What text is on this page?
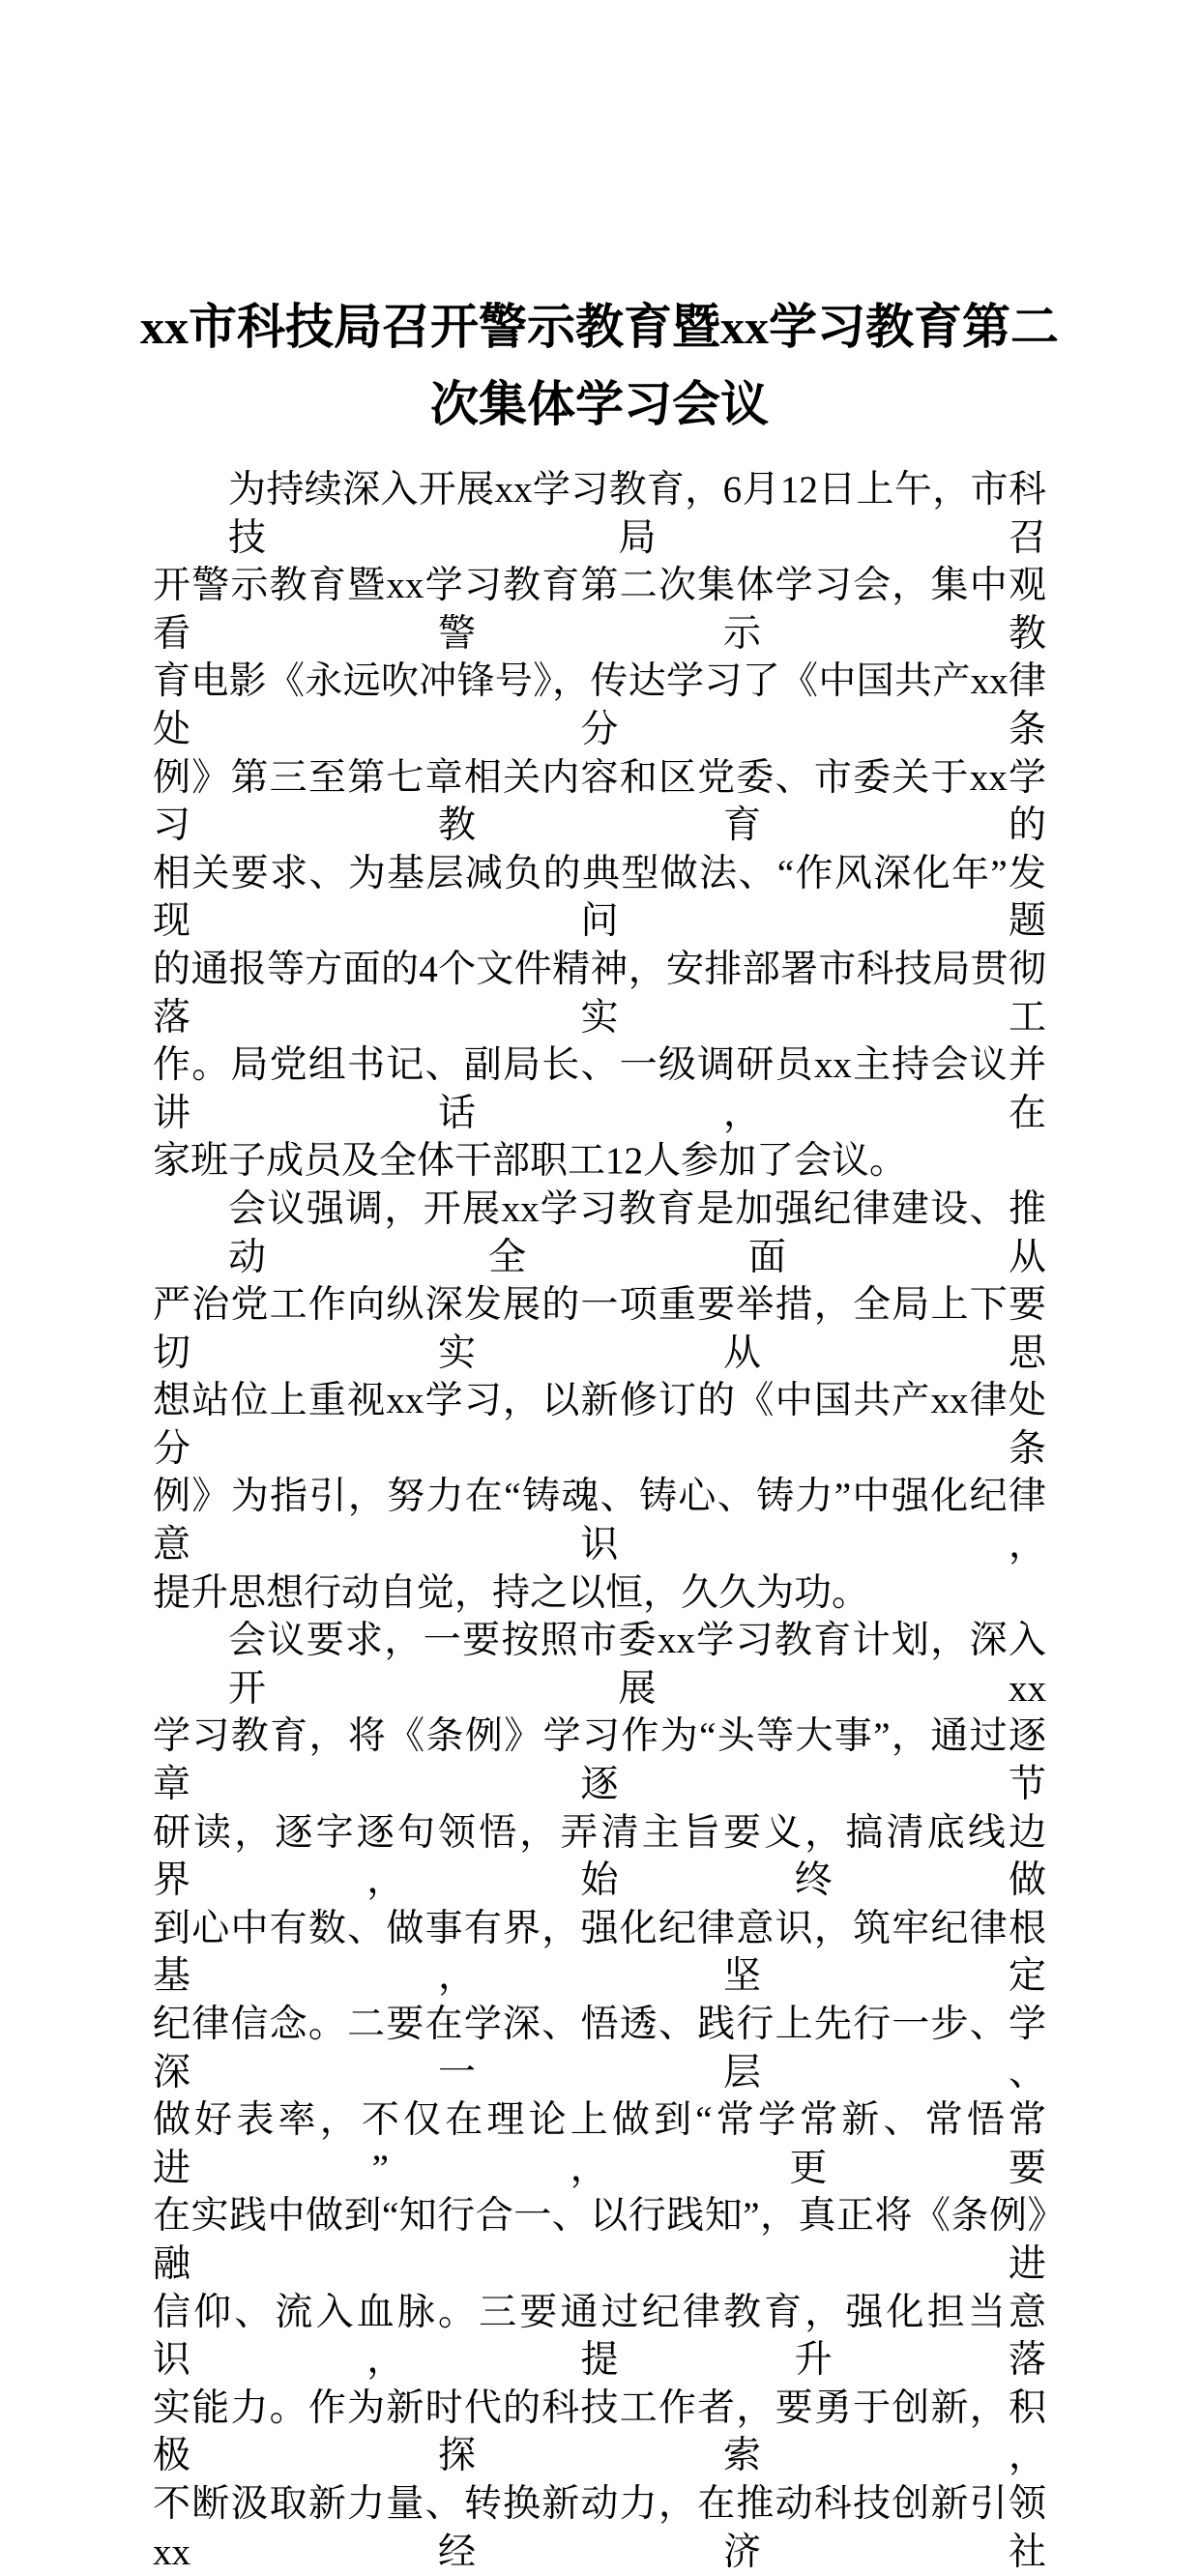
xx市科技局召开警示教育暨xx学习教育第二
次集体学习会议
为持续深入开展xx学习教育，6月12日上午，市科技局召
开警示教育暨xx学习教育第二次集体学习会，集中观看警示教
育电影《永远吹冲锋号》，传达学习了《中国共产xx律处分条
例》第三至第七章相关内容和区党委、市委关于xx学习教育的
相关要求、为基层减负的典型做法、“作风深化年”发现问题
的通报等方面的4个文件精神，安排部署市科技局贯彻落实工
作。局党组书记、副局长、一级调研员xx主持会议并讲话，在
家班子成员及全体干部职工12人参加了会议。
会议强调，开展xx学习教育是加强纪律建设、推动全面从
严治党工作向纵深发展的一项重要举措，全局上下要切实从思
想站位上重视xx学习，以新修订的《中国共产xx律处分条
例》为指引，努力在“铸魂、铸心、铸力”中强化纪律意识，
提升思想行动自觉，持之以恒，久久为功。
会议要求，一要按照市委xx学习教育计划，深入开展xx
学习教育，将《条例》学习作为“头等大事”，通过逐章逐节
研读，逐字逐句领悟，弄清主旨要义，搞清底线边界，始终做
到心中有数、做事有界，强化纪律意识，筑牢纪律根基，坚定
纪律信念。二要在学深、悟透、践行上先行一步、学深一层、
做好表率，不仅在理论上做到“常学常新、常悟常进”，更要
在实践中做到“知行合一、以行践知”，真正将《条例》融进
信仰、流入血脉。三要通过纪律教育，强化担当意识，提升落
实能力。作为新时代的科技工作者，要勇于创新，积极探索，
不断汲取新力量、转换新动力，在推动科技创新引领xx经济社
